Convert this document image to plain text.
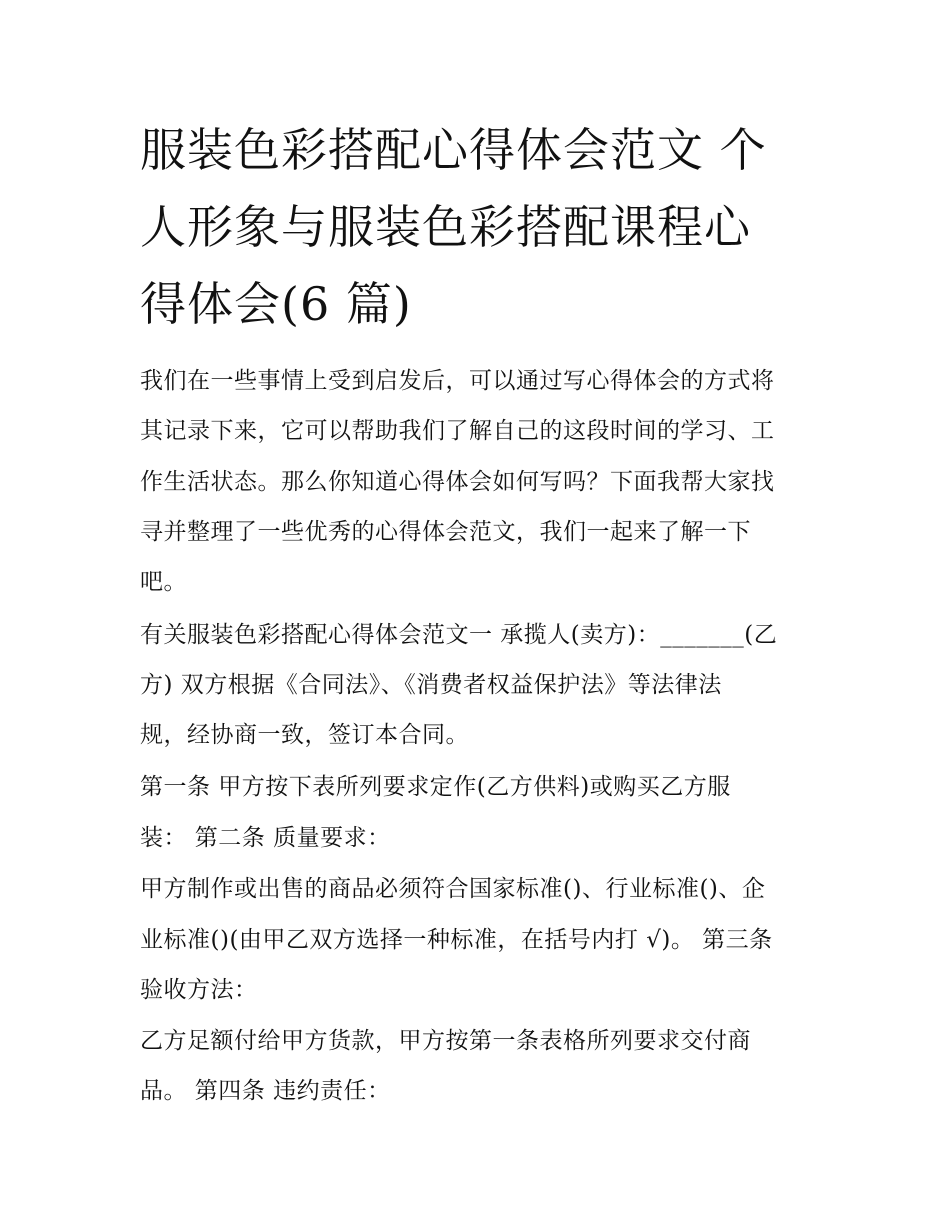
服装色彩搭配心得体会范文 个
人形象与服装色彩搭配课程心
得体会(6 篇)

我们在一些事情上受到启发后，可以通过写心得体会的方式将

其记录下来，它可以帮助我们了解自己的这段时间的学习、工

作生活状态。那么你知道心得体会如何写吗？下面我帮大家找

寻并整理了一些优秀的心得体会范文，我们一起来了解一下

吧。

有关服装色彩搭配心得体会范文一 承揽人(卖方)：_______(乙

方) 双方根据《合同法》、《消费者权益保护法》等法律法

规，经协商一致，签订本合同。

第一条 甲方按下表所列要求定作(乙方供料)或购买乙方服

装： 第二条 质量要求：

甲方制作或出售的商品必须符合国家标准()、行业标准()、企

业标准()(由甲乙双方选择一种标准，在括号内打 √)。 第三条

验收方法：

乙方足额付给甲方货款，甲方按第一条表格所列要求交付商

品。 第四条 违约责任：
